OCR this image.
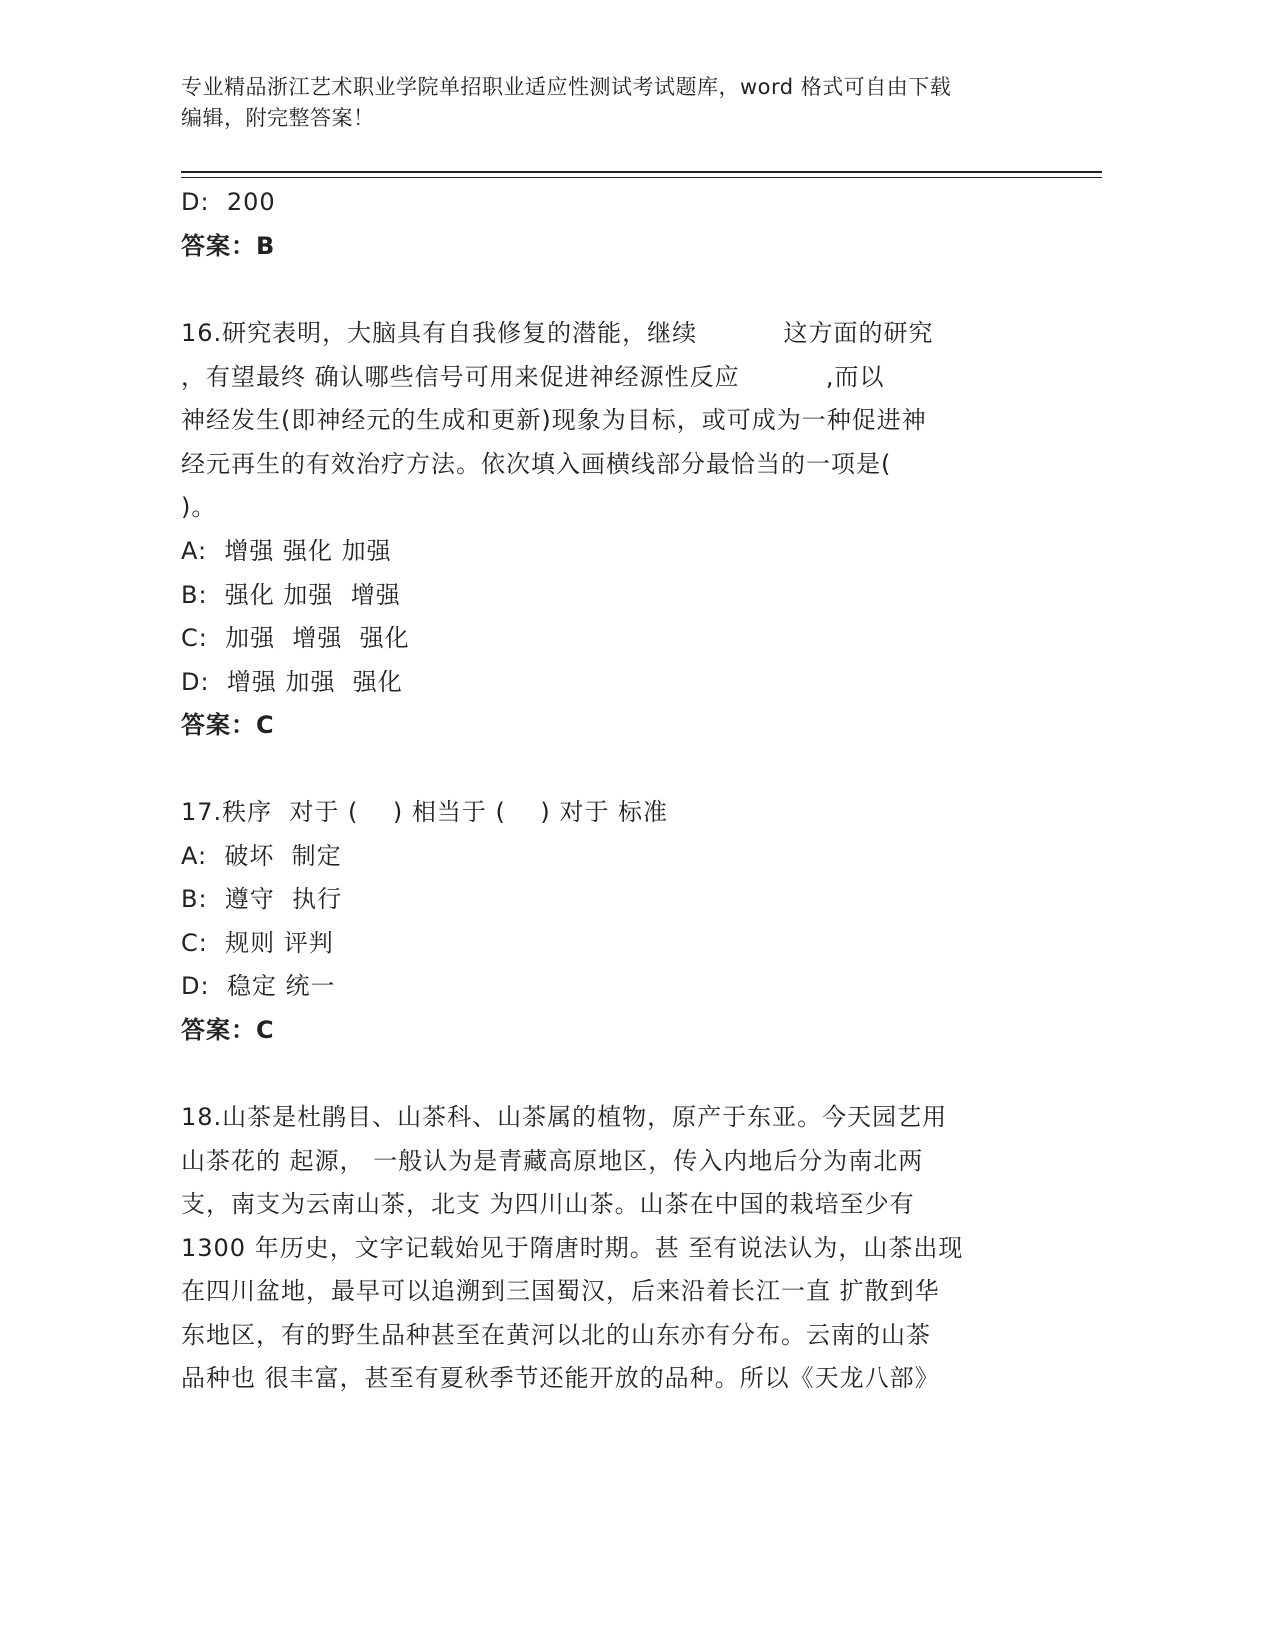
专业精品浙江艺术职业学院单招职业适应性测试考试题库，word 格式可自由下载
编辑，附完整答案！
D:  200
答案：B
16.研究表明，大脑具有自我修复的潜能，继续          这方面的研究
，有望最终 确认哪些信号可用来促进神经源性反应          ,而以
神经发生(即神经元的生成和更新)现象为目标，或可成为一种促进神
经元再生的有效治疗方法。依次填入画横线部分最恰当的一项是(
)。
A:  增强 强化 加强
B:  强化 加强  增强
C:  加强  增强  强化
D:  增强 加强  强化
答案：C
17.秩序  对于 (    ) 相当于 (    ) 对于 标准
A:  破坏  制定
B:  遵守  执行
C:  规则 评判
D:  稳定 统一
答案：C
18.山茶是杜鹃目、山茶科、山茶属的植物，原产于东亚。今天园艺用
山茶花的 起源， 一般认为是青藏高原地区，传入内地后分为南北两
支，南支为云南山茶，北支 为四川山茶。山茶在中国的栽培至少有
1300 年历史，文字记载始见于隋唐时期。甚 至有说法认为，山茶出现
在四川盆地，最早可以追溯到三国蜀汉，后来沿着长江一直 扩散到华
东地区，有的野生品种甚至在黄河以北的山东亦有分布。云南的山茶
品种也 很丰富，甚至有夏秋季节还能开放的品种。所以《天龙八部》
